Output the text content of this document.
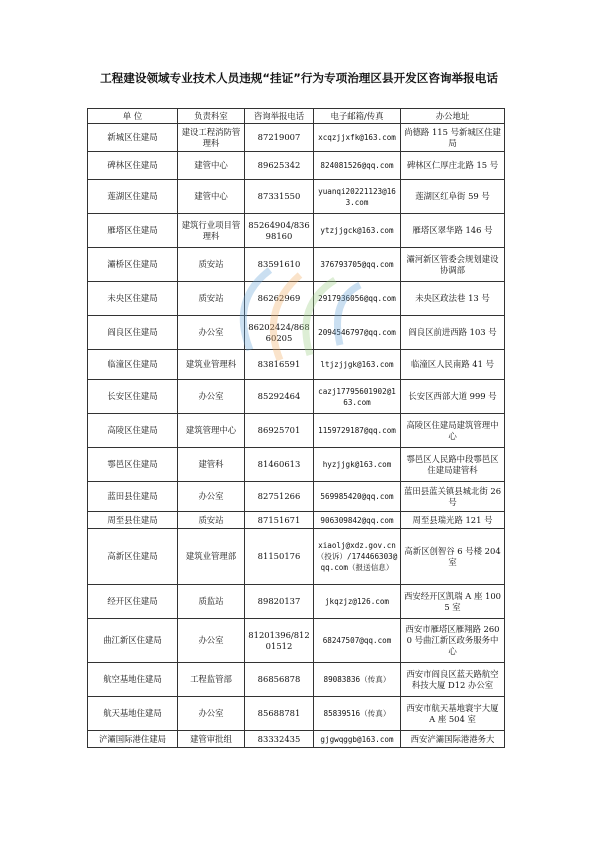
工程建设领域专业技术人员违规“挂证”行为专项治理区县开发区咨询举报电话
单 位	负责科室	咨询举报电话	电子邮箱/传真	办公地址
新城区住建局	建设工程消防管理科	87219007	xcqzjjxfk@163.com	尚德路 115 号新城区住建局
碑林区住建局	建管中心	89625342	824081526@qq.com	碑林区仁厚庄北路 15 号
莲湖区住建局	建管中心	87331550	yuanqi20221123@163.com	莲湖区红阜街 59 号
雁塔区住建局	建筑行业项目管理科	85264904/83698160	ytzjjgck@163.com	雁塔区翠华路 146 号
灞桥区住建局	质安站	83591610	376793705@qq.com	灞河新区管委会规划建设协调部
未央区住建局	质安站	86262969	2917936056@qq.com	未央区政法巷 13 号
阎良区住建局	办公室	86202424/86860205	2094546797@qq.com	阎良区前进西路 103 号
临潼区住建局	建筑业管理科	83816591	ltjzjjgk@163.com	临潼区人民南路 41 号
长安区住建局	办公室	85292464	cazj17795601902@163.com	长安区西部大道 999 号
高陵区住建局	建筑管理中心	86925701	1159729187@qq.com	高陵区住建局建筑管理中心
鄠邑区住建局	建管科	81460613	hyzjjgk@163.com	鄠邑区人民路中段鄠邑区住建局建管科
蓝田县住建局	办公室	82751266	569985420@qq.com	蓝田县蓝关镇县城北街 26 号
周至县住建局	质安站	87151671	906309842@qq.com	周至县瑞光路 121 号
高新区住建局	建筑业管理部	81150176	xiaolj@xdz.gov.cn（投诉）/174466303@qq.com（报送信息）	高新区创智谷 6 号楼 204 室
经开区住建局	质监站	89820137	jkqzjz@126.com	西安经开区凯瑞 A 座 1005 室
曲江新区住建局	办公室	81201396/81201512	68247507@qq.com	西安市雁塔区雁翔路 2600 号曲江新区政务服务中心
航空基地住建局	工程监管部	86856878	89083836（传真）	西安市阎良区蓝天路航空科技大厦 D12 办公室
航天基地住建局	办公室	85688781	85839516（传真）	西安市航天基地寰宇大厦 A 座 504 室
浐灞国际港住建局	建管审批组	83332435	gjgwqggb@163.com	西安浐灞国际港港务大
